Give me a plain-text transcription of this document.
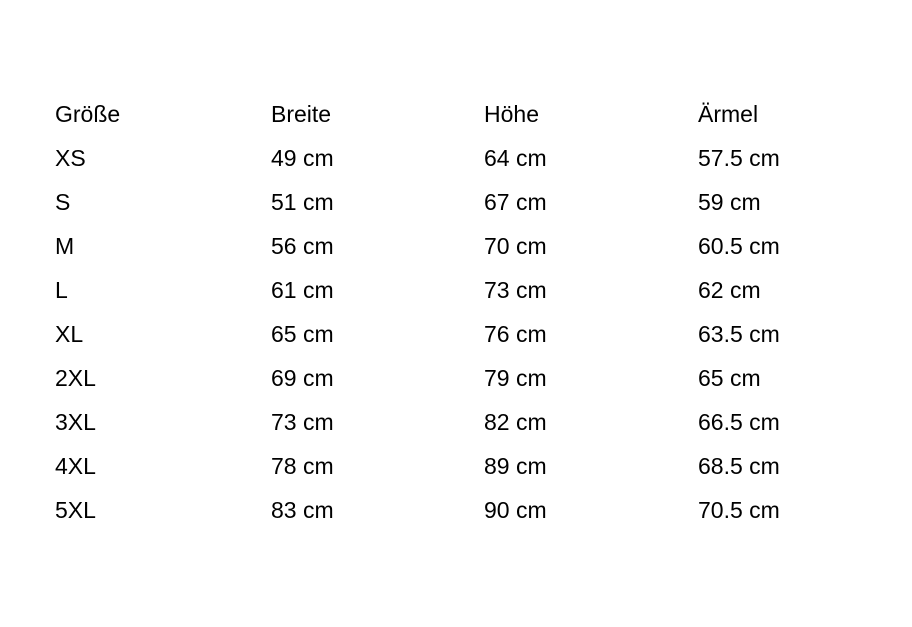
Größe	Breite	Höhe	Ärmel
XS	49 cm	64 cm	57.5 cm
S	51 cm	67 cm	59 cm
M	56 cm	70 cm	60.5 cm
L	61 cm	73 cm	62 cm
XL	65 cm	76 cm	63.5 cm
2XL	69 cm	79 cm	65 cm
3XL	73 cm	82 cm	66.5 cm
4XL	78 cm	89 cm	68.5 cm
5XL	83 cm	90 cm	70.5 cm
